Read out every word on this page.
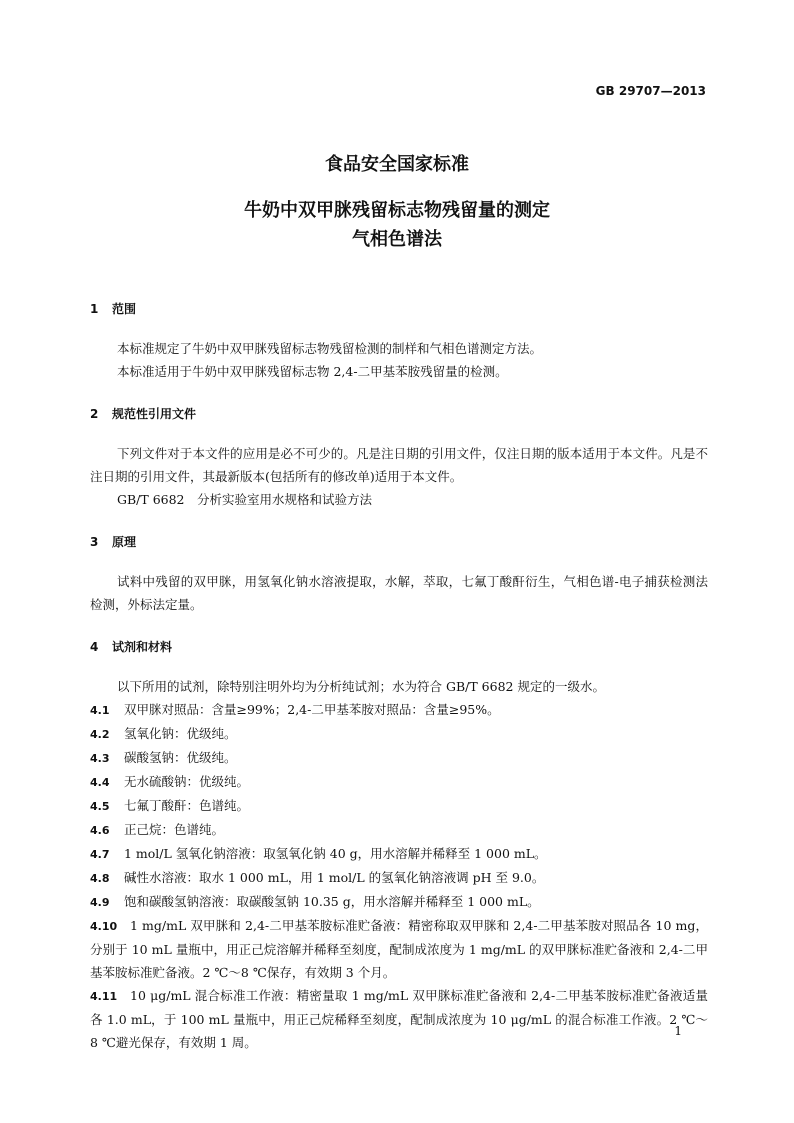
GB 29707—2013

食品安全国家标准

牛奶中双甲脒残留标志物残留量的测定

气相色谱法

1 范围

本标准规定了牛奶中双甲脒残留标志物残留检测的制样和气相色谱测定方法。

本标准适用于牛奶中双甲脒残留标志物 2,4-二甲基苯胺残留量的检测。

2 规范性引用文件

下列文件对于本文件的应用是必不可少的。凡是注日期的引用文件，仅注日期的版本适用于本文件。凡是不注日期的引用文件，其最新版本(包括所有的修改单)适用于本文件。

GB/T 6682　分析实验室用水规格和试验方法

3 原理

试料中残留的双甲脒，用氢氧化钠水溶液提取，水解，萃取，七氟丁酸酐衍生，气相色谱-电子捕获检测法检测，外标法定量。

4 试剂和材料

以下所用的试剂，除特别注明外均为分析纯试剂；水为符合 GB/T 6682 规定的一级水。

4.1 双甲脒对照品：含量≥99%；2,4-二甲基苯胺对照品：含量≥95%。

4.2 氢氧化钠：优级纯。

4.3 碳酸氢钠：优级纯。

4.4 无水硫酸钠：优级纯。

4.5 七氟丁酸酐：色谱纯。

4.6 正己烷：色谱纯。

4.7 1 mol/L 氢氧化钠溶液：取氢氧化钠 40 g，用水溶解并稀释至 1 000 mL。

4.8 碱性水溶液：取水 1 000 mL，用 1 mol/L 的氢氧化钠溶液调 pH 至 9.0。

4.9 饱和碳酸氢钠溶液：取碳酸氢钠 10.35 g，用水溶解并稀释至 1 000 mL。

4.10 1 mg/mL 双甲脒和 2,4-二甲基苯胺标准贮备液：精密称取双甲脒和 2,4-二甲基苯胺对照品各 10 mg，分别于 10 mL 量瓶中，用正己烷溶解并稀释至刻度，配制成浓度为 1 mg/mL 的双甲脒标准贮备液和 2,4-二甲基苯胺标准贮备液。2 ℃～8 ℃保存，有效期 3 个月。

4.11 10 μg/mL 混合标准工作液：精密量取 1 mg/mL 双甲脒标准贮备液和 2,4-二甲基苯胺标准贮备液适量各 1.0 mL，于 100 mL 量瓶中，用正己烷稀释至刻度，配制成浓度为 10 μg/mL 的混合标准工作液。2 ℃～8 ℃避光保存，有效期 1 周。

1
